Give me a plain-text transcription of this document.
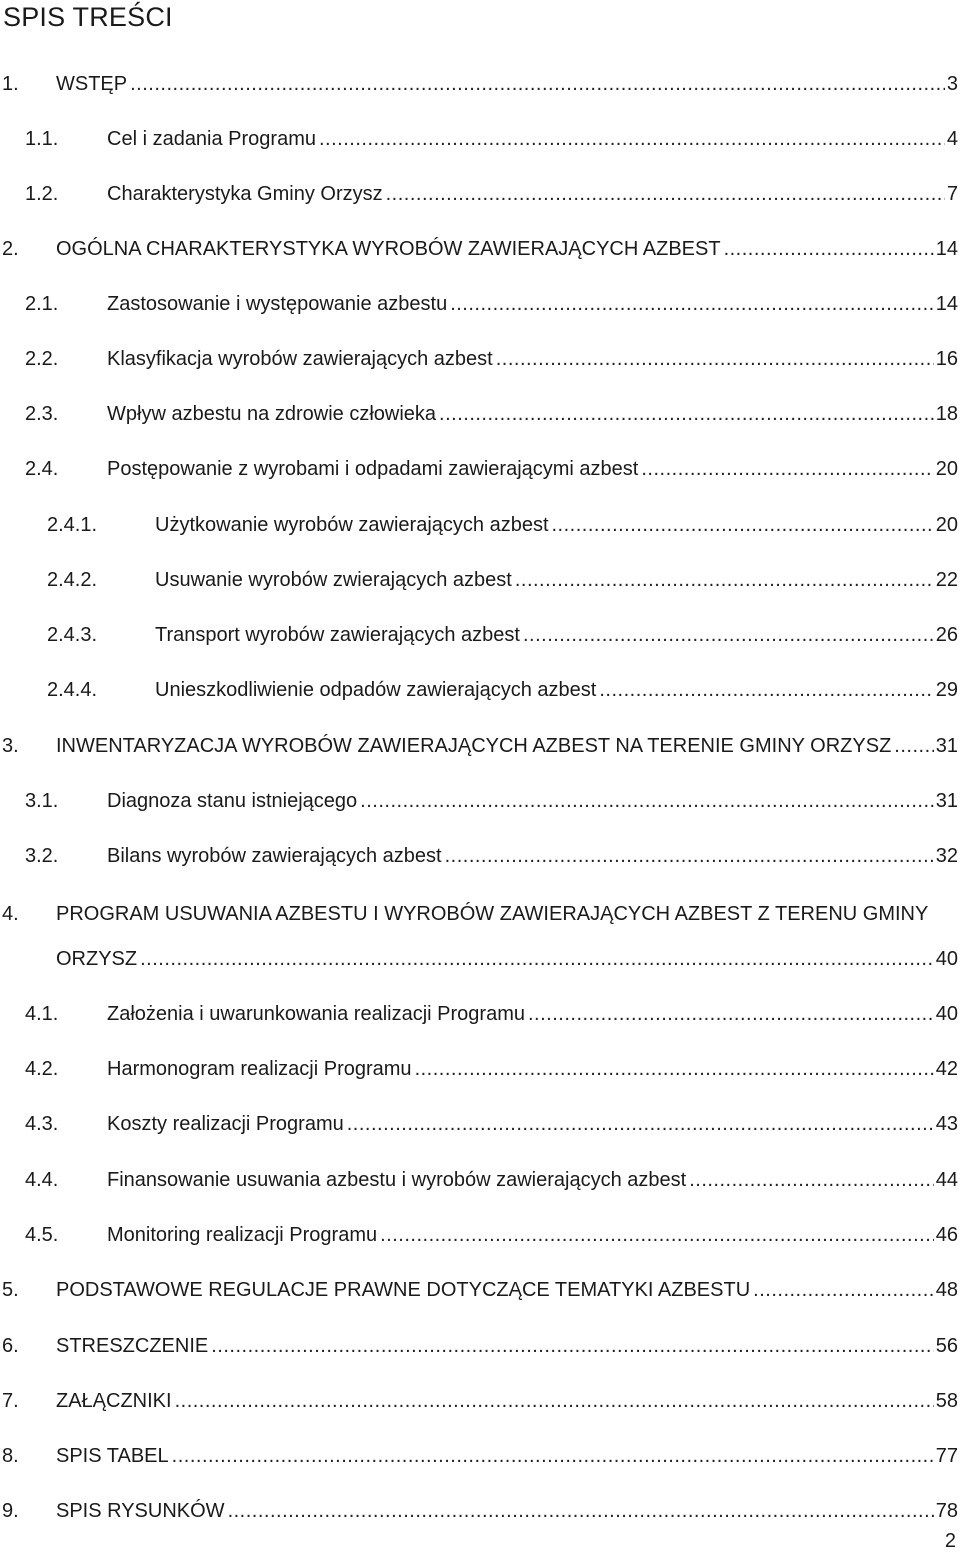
SPIS TREŚCI
1. WSTĘP .....	3
1.1. Cel i zadania Programu .....	4
1.2. Charakterystyka Gminy Orzysz .....	7
2. OGÓLNA CHARAKTERYSTYKA WYROBÓW ZAWIERAJĄCYCH AZBEST .....	14
2.1. Zastosowanie i występowanie azbestu .....	14
2.2. Klasyfikacja wyrobów zawierających azbest .....	16
2.3. Wpływ azbestu na zdrowie człowieka .....	18
2.4. Postępowanie z wyrobami i odpadami zawierającymi azbest .....	20
2.4.1.	Użytkowanie wyrobów zawierających azbest .....	20
2.4.2.	Usuwanie wyrobów zwierających azbest .....	22
2.4.3.	Transport wyrobów zawierających azbest .....	26
2.4.4.	Unieszkodliwienie odpadów zawierających azbest .....	29
3. INWENTARYZACJA WYROBÓW ZAWIERAJĄCYCH AZBEST NA TERENIE GMINY ORZYSZ ..... 31
3.1. Diagnoza stanu istniejącego .....	31
3.2. Bilans wyrobów zawierających azbest .....	32
4. PROGRAM USUWANIA AZBESTU I WYROBÓW ZAWIERAJĄCYCH AZBEST Z TERENU GMINY
ORZYSZ .....	40
4.1. Założenia i uwarunkowania realizacji Programu .....	40
4.2. Harmonogram realizacji Programu .....	42
4.3. Koszty realizacji Programu .....	43
4.4. Finansowanie usuwania azbestu i wyrobów zawierających azbest .....	44
4.5. Monitoring realizacji Programu .....	46
5. PODSTAWOWE REGULACJE PRAWNE DOTYCZĄCE TEMATYKI AZBESTU .....	48
6. STRESZCZENIE .....	56
7. ZAŁĄCZNIKI .....	58
8. SPIS TABEL .....	77
9. SPIS RYSUNKÓW .....	78
2
